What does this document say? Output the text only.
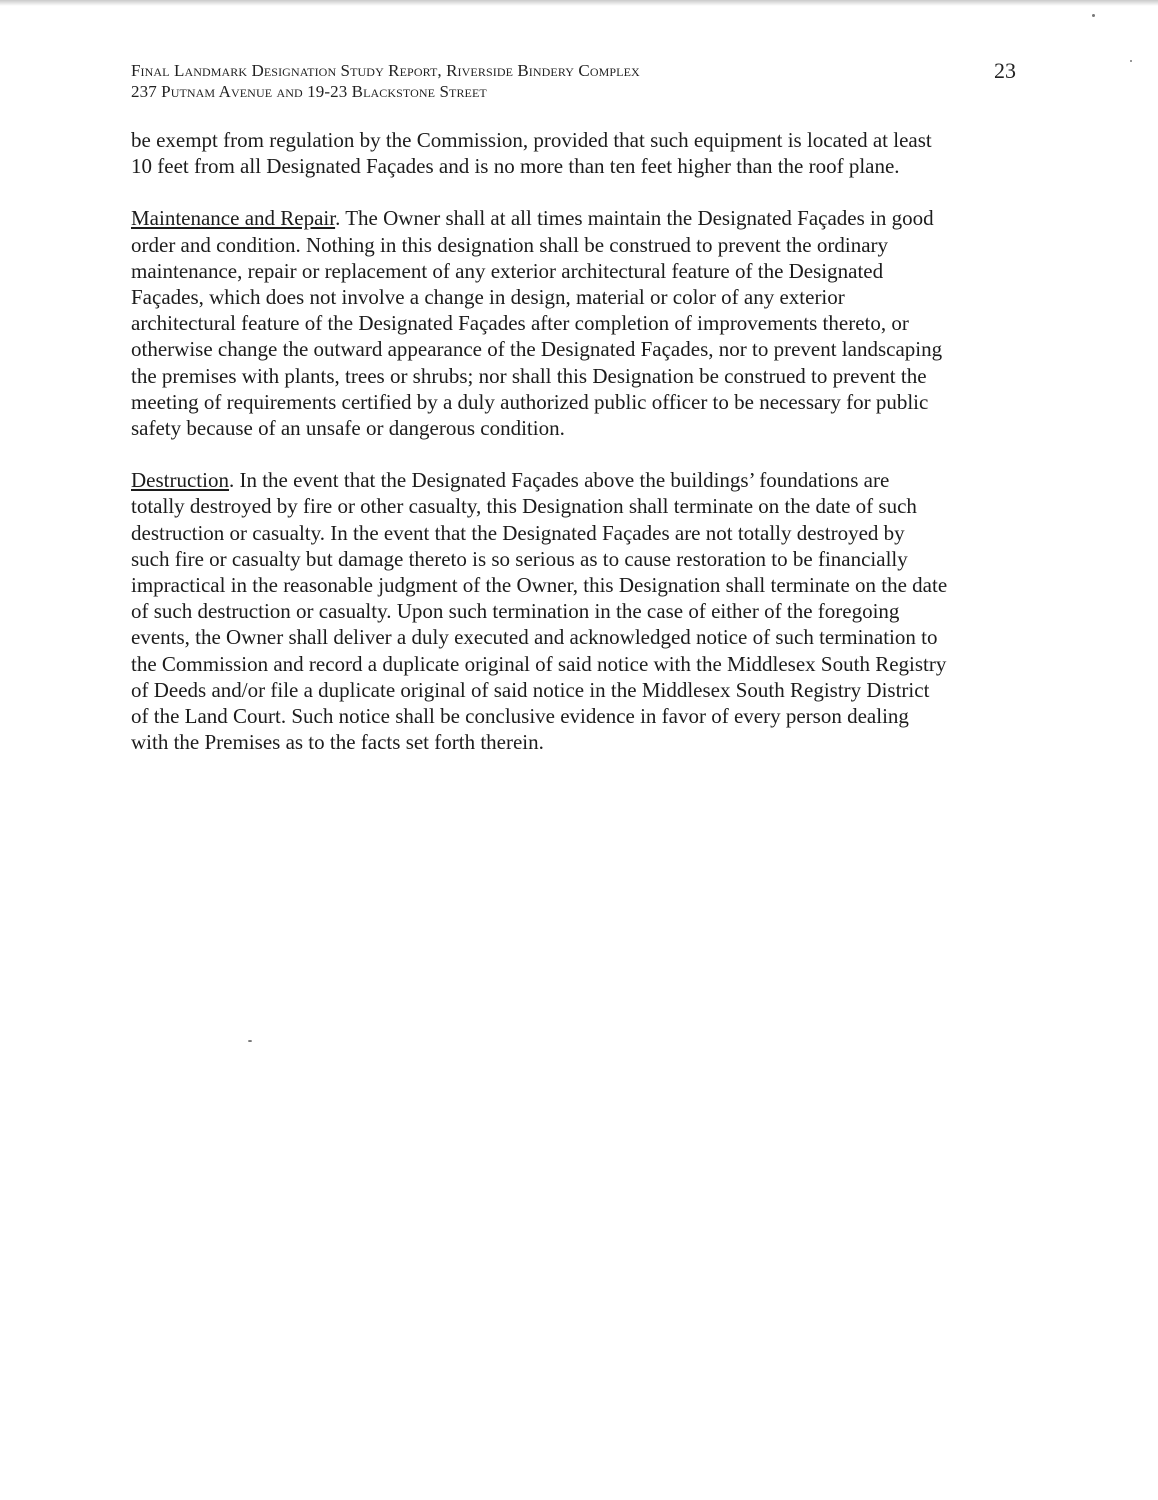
Final Landmark Designation Study Report, Riverside Bindery Complex
237 Putnam Avenue and 19-23 Blackstone Street
23

be exempt from regulation by the Commission, provided that such equipment is located at least
10 feet from all Designated Façades and is no more than ten feet higher than the roof plane.

Maintenance and Repair. The Owner shall at all times maintain the Designated Façades in good
order and condition. Nothing in this designation shall be construed to prevent the ordinary
maintenance, repair or replacement of any exterior architectural feature of the Designated
Façades, which does not involve a change in design, material or color of any exterior
architectural feature of the Designated Façades after completion of improvements thereto, or
otherwise change the outward appearance of the Designated Façades, nor to prevent landscaping
the premises with plants, trees or shrubs; nor shall this Designation be construed to prevent the
meeting of requirements certified by a duly authorized public officer to be necessary for public
safety because of an unsafe or dangerous condition.

Destruction. In the event that the Designated Façades above the buildings’ foundations are
totally destroyed by fire or other casualty, this Designation shall terminate on the date of such
destruction or casualty. In the event that the Designated Façades are not totally destroyed by
such fire or casualty but damage thereto is so serious as to cause restoration to be financially
impractical in the reasonable judgment of the Owner, this Designation shall terminate on the date
of such destruction or casualty. Upon such termination in the case of either of the foregoing
events, the Owner shall deliver a duly executed and acknowledged notice of such termination to
the Commission and record a duplicate original of said notice with the Middlesex South Registry
of Deeds and/or file a duplicate original of said notice in the Middlesex South Registry District
of the Land Court. Such notice shall be conclusive evidence in favor of every person dealing
with the Premises as to the facts set forth therein.
